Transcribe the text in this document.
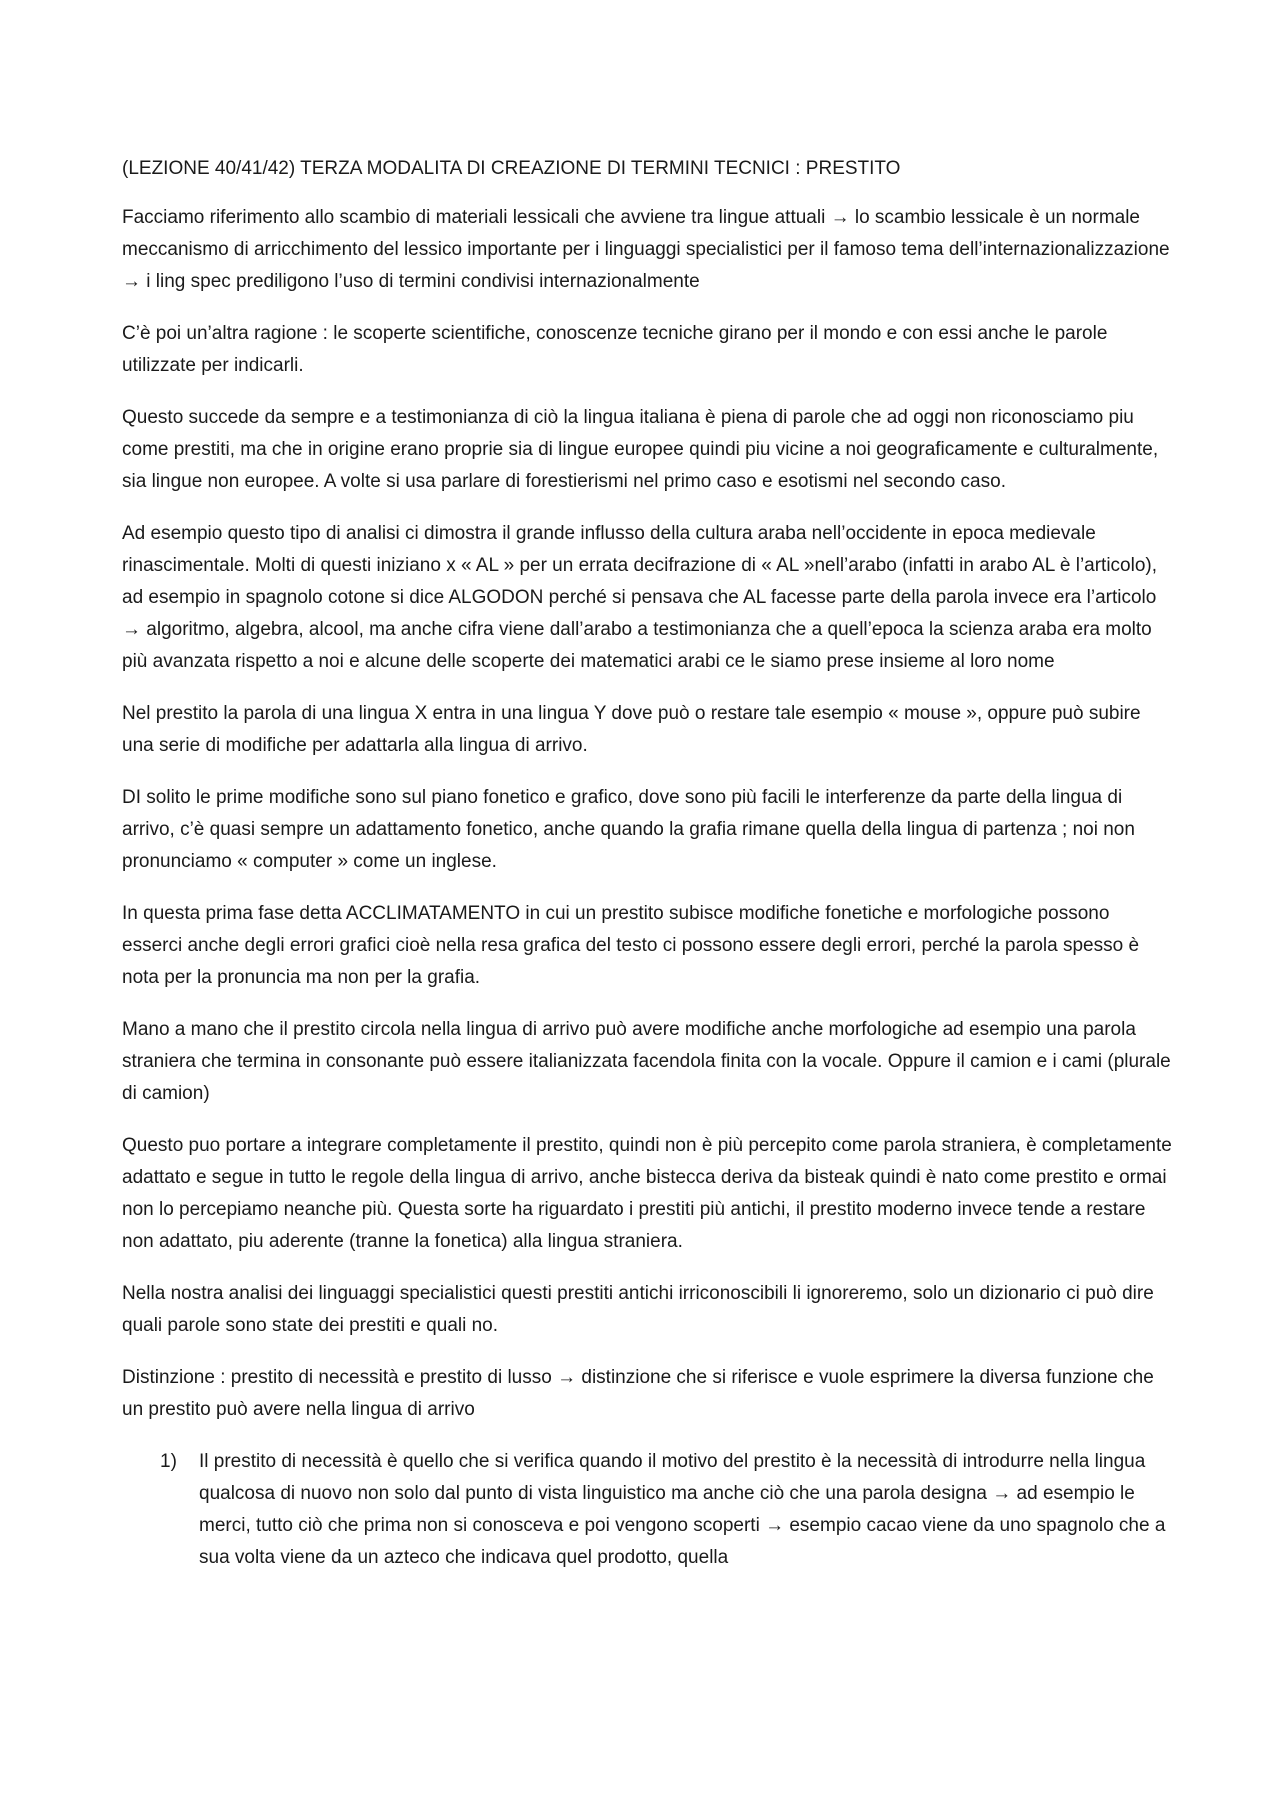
(LEZIONE 40/41/42) TERZA MODALITA DI CREAZIONE DI TERMINI TECNICI : PRESTITO

Facciamo riferimento allo scambio di materiali lessicali che avviene tra lingue attuali → lo scambio lessicale è un normale meccanismo di arricchimento del lessico importante per i linguaggi specialistici per il famoso tema dell’internazionalizzazione → i ling spec prediligono l’uso di termini condivisi internazionalmente

C’è poi un’altra ragione : le scoperte scientifiche, conoscenze tecniche girano per il mondo e con essi anche le parole utilizzate per indicarli.

Questo succede da sempre e a testimonianza di ciò la lingua italiana è piena di parole che ad oggi non riconosciamo piu come prestiti, ma che in origine erano proprie sia di lingue europee quindi piu vicine a noi geograficamente e culturalmente, sia lingue non europee. A volte si usa parlare di forestierismi nel primo caso e esotismi nel secondo caso.

Ad esempio questo tipo di analisi ci dimostra il grande influsso della cultura araba nell’occidente in epoca medievale rinascimentale. Molti di questi iniziano x « AL » per un errata decifrazione di « AL »nell’arabo (infatti in arabo AL è l’articolo), ad esempio in spagnolo cotone si dice ALGODON perché si pensava che AL facesse parte della parola invece era l’articolo → algoritmo, algebra, alcool, ma anche cifra viene dall’arabo a testimonianza che a quell’epoca la scienza araba era molto più avanzata rispetto a noi e alcune delle scoperte dei matematici arabi ce le siamo prese insieme al loro nome

Nel prestito la parola di una lingua X entra in una lingua Y dove può o restare tale esempio « mouse », oppure può subire una serie di modifiche per adattarla alla lingua di arrivo.

DI solito le prime modifiche sono sul piano fonetico e grafico, dove sono più facili le interferenze da parte della lingua di arrivo, c’è quasi sempre un adattamento fonetico, anche quando la grafia rimane quella della lingua di partenza ; noi non pronunciamo « computer » come un inglese.

In questa prima fase detta ACCLIMATAMENTO in cui un prestito subisce modifiche fonetiche e morfologiche possono esserci anche degli errori grafici cioè nella resa grafica del testo ci possono essere degli errori, perché la parola spesso è nota per la pronuncia ma non per la grafia.

Mano a mano che il prestito circola nella lingua di arrivo può avere modifiche anche morfologiche ad esempio una parola straniera che termina in consonante può essere italianizzata facendola finita con la vocale. Oppure il camion e i cami (plurale di camion)

Questo puo portare a integrare completamente il prestito, quindi non è più percepito come parola straniera, è completamente adattato e segue in tutto le regole della lingua di arrivo, anche bistecca deriva da bisteak quindi è nato come prestito e ormai non lo percepiamo neanche più. Questa sorte ha riguardato i prestiti più antichi, il prestito moderno invece tende a restare non adattato, piu aderente (tranne la fonetica) alla lingua straniera.

Nella nostra analisi dei linguaggi specialistici questi prestiti antichi irriconoscibili li ignoreremo, solo un dizionario ci può dire quali parole sono state dei prestiti e quali no.

Distinzione : prestito di necessità e prestito di lusso → distinzione che si riferisce e vuole esprimere la diversa funzione che un prestito può avere nella lingua di arrivo

1) Il prestito di necessità è quello che si verifica quando il motivo del prestito è la necessità di introdurre nella lingua qualcosa di nuovo non solo dal punto di vista linguistico ma anche ciò che una parola designa → ad esempio le merci, tutto ciò che prima non si conosceva e poi vengono scoperti → esempio cacao viene da uno spagnolo che a sua volta viene da un azteco che indicava quel prodotto, quella
